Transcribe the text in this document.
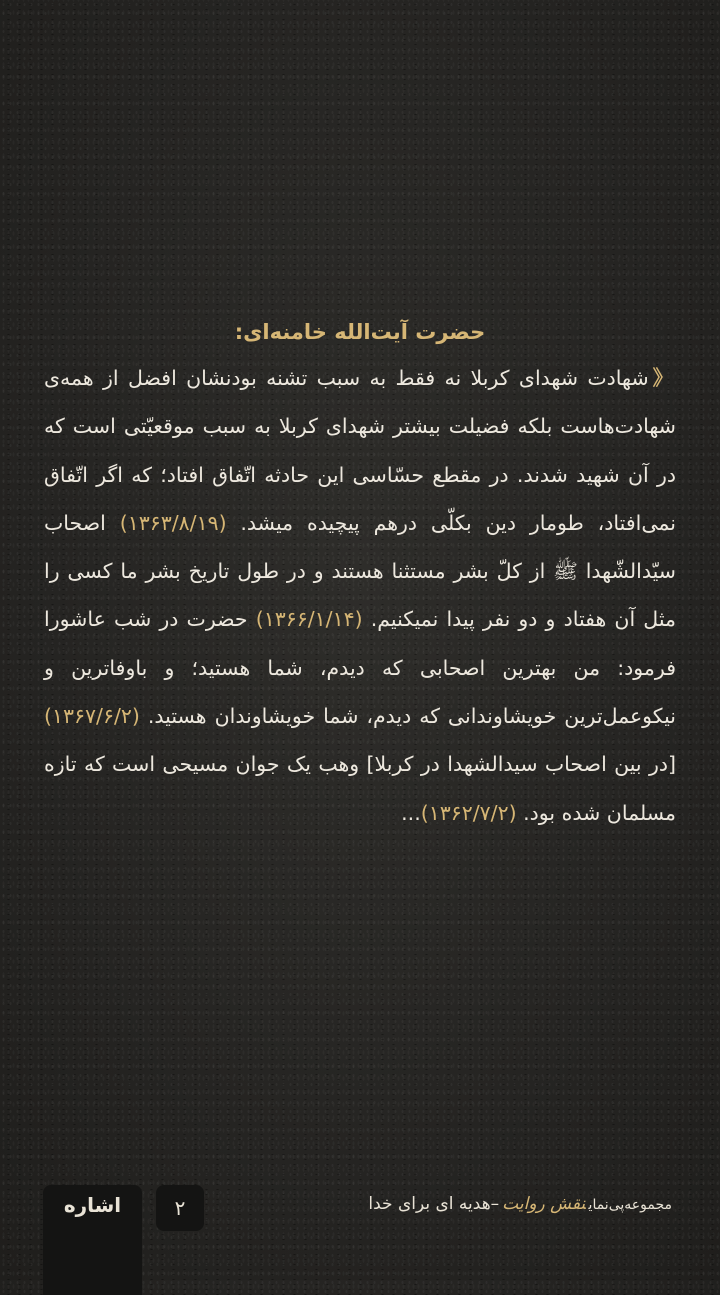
حضرت آیت‌الله خامنه‌ای:

《شهادت شهدای کربلا نه فقط به سبب تشنه بودنشان افضل از همه‌ی شهادت‌هاست بلکه فضیلت بیشتر شهدای کربلا به سبب موقعیّتی است که در آن شهید شدند. در مقطع حسّاسی این حادثه اتّفاق افتاد؛ که اگر اتّفاق نمی‌افتاد، طومار دین بکلّی درهم پیچیده میشد. (۱۳۶۳/۸/۱۹) اصحاب سیّدالشّهدا ﷺ از کلّ بشر مستثنا هستند و در طول تاریخ بشر ما کسی را مثل آن هفتاد و دو نفر پیدا نمیکنیم. (۱۳۶۶/۱/۱۴) حضرت در شب عاشورا فرمود: من بهترین اصحابی که دیدم، شما هستید؛ و باوفاترین و نیکوعمل‌ترین خویشاوندانی که دیدم، شما خویشاوندان هستید. (۱۳۶۷/۶/۲) [در بین اصحاب سیدالشهدا در کربلا] وهب یک جوان مسیحی است که تازه مسلمان شده بود. (۱۳۶۲/۷/۲)...

مجموعه‌پی‌نماینقش روایت–هدیه ای برای خدا
۲
اشاره
